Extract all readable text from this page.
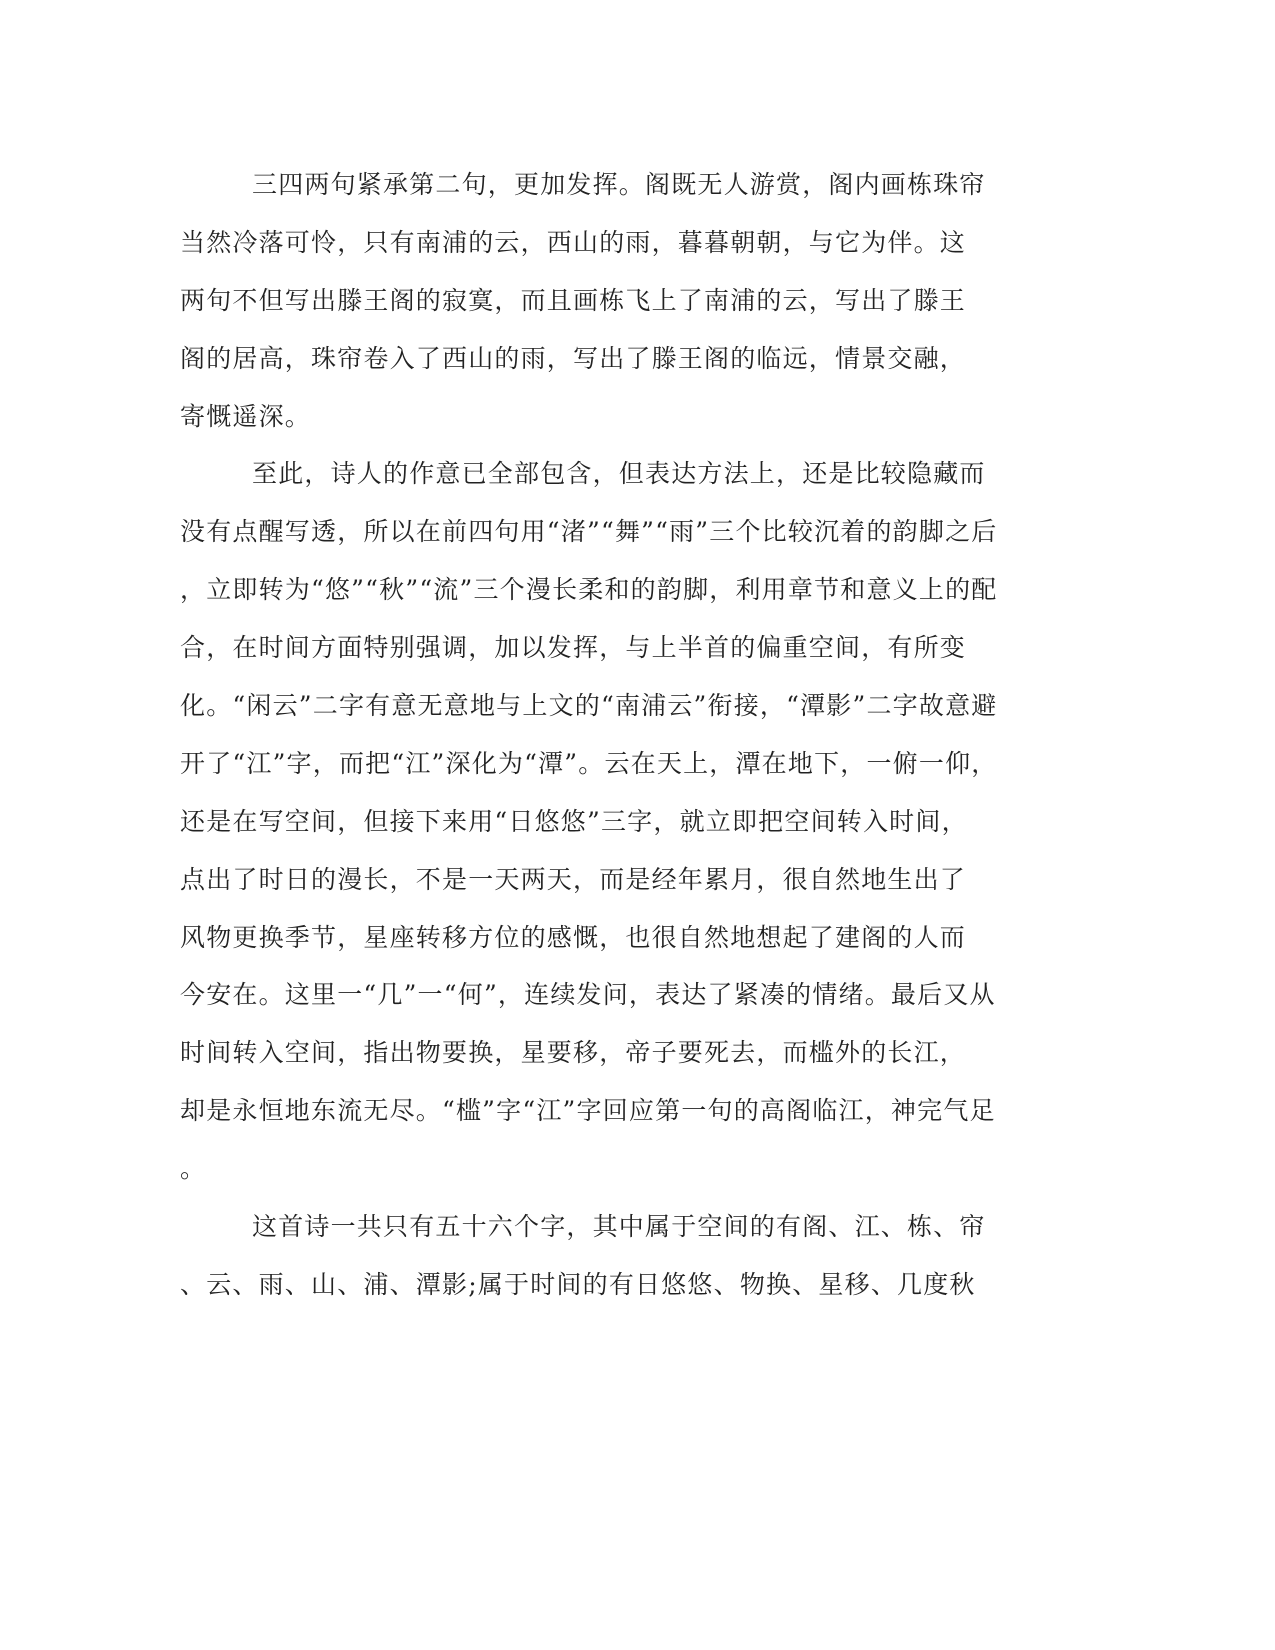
三四两句紧承第二句，更加发挥。阁既无人游赏，阁内画栋珠帘
当然冷落可怜，只有南浦的云，西山的雨，暮暮朝朝，与它为伴。这
两句不但写出滕王阁的寂寞，而且画栋飞上了南浦的云，写出了滕王
阁的居高，珠帘卷入了西山的雨，写出了滕王阁的临远，情景交融，
寄慨遥深。
至此，诗人的作意已全部包含，但表达方法上，还是比较隐藏而
没有点醒写透，所以在前四句用“渚”“舞”“雨”三个比较沉着的韵脚之后
，立即转为“悠”“秋”“流”三个漫长柔和的韵脚，利用章节和意义上的配
合，在时间方面特别强调，加以发挥，与上半首的偏重空间，有所变
化。“闲云”二字有意无意地与上文的“南浦云”衔接，“潭影”二字故意避
开了“江”字，而把“江”深化为“潭”。云在天上，潭在地下，一俯一仰，
还是在写空间，但接下来用“日悠悠”三字，就立即把空间转入时间，
点出了时日的漫长，不是一天两天，而是经年累月，很自然地生出了
风物更换季节，星座转移方位的感慨，也很自然地想起了建阁的人而
今安在。这里一“几”一“何”，连续发问，表达了紧凑的情绪。最后又从
时间转入空间，指出物要换，星要移，帝子要死去，而槛外的长江，
却是永恒地东流无尽。“槛”字“江”字回应第一句的高阁临江，神完气足
。
这首诗一共只有五十六个字，其中属于空间的有阁、江、栋、帘
、云、雨、山、浦、潭影;属于时间的有日悠悠、物换、星移、几度秋
